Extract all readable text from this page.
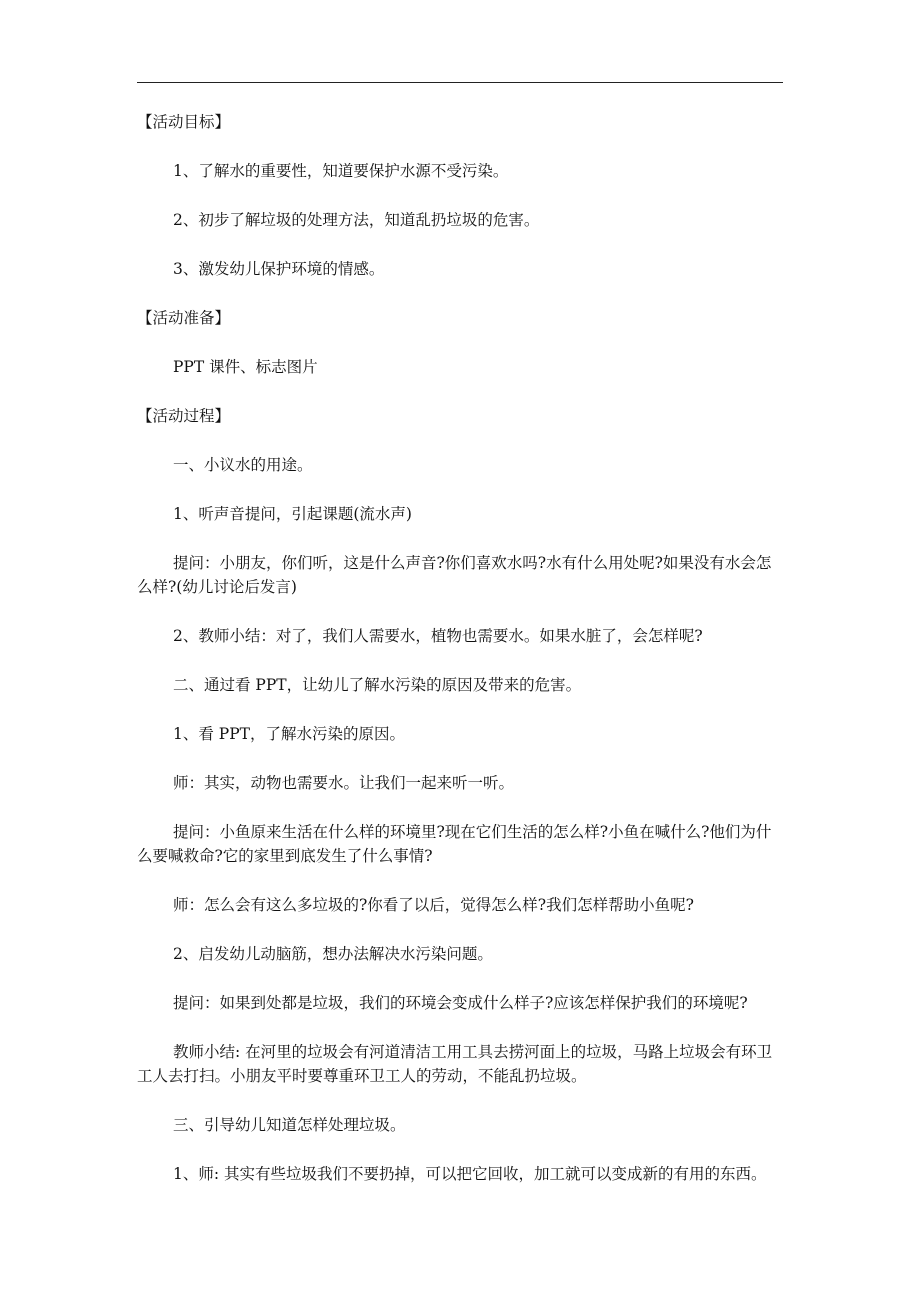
【活动目标】

1、了解水的重要性，知道要保护水源不受污染。

2、初步了解垃圾的处理方法，知道乱扔垃圾的危害。

3、激发幼儿保护环境的情感。

【活动准备】

PPT 课件、标志图片

【活动过程】

一、小议水的用途。

1、听声音提问，引起课题(流水声)

提问：小朋友，你们听，这是什么声音?你们喜欢水吗?水有什么用处呢?如果没有水会怎么样?(幼儿讨论后发言)

2、教师小结：对了，我们人需要水，植物也需要水。如果水脏了，会怎样呢?

二、通过看 PPT，让幼儿了解水污染的原因及带来的危害。

1、看 PPT，了解水污染的原因。

师：其实，动物也需要水。让我们一起来听一听。

提问：小鱼原来生活在什么样的环境里?现在它们生活的怎么样?小鱼在喊什么?他们为什么要喊救命?它的家里到底发生了什么事情?

师：怎么会有这么多垃圾的?你看了以后，觉得怎么样?我们怎样帮助小鱼呢?

2、启发幼儿动脑筋，想办法解决水污染问题。

提问：如果到处都是垃圾，我们的环境会变成什么样子?应该怎样保护我们的环境呢?

教师小结: 在河里的垃圾会有河道清洁工用工具去捞河面上的垃圾，马路上垃圾会有环卫工人去打扫。小朋友平时要尊重环卫工人的劳动，不能乱扔垃圾。

三、引导幼儿知道怎样处理垃圾。

1、师: 其实有些垃圾我们不要扔掉，可以把它回收，加工就可以变成新的有用的东西。
